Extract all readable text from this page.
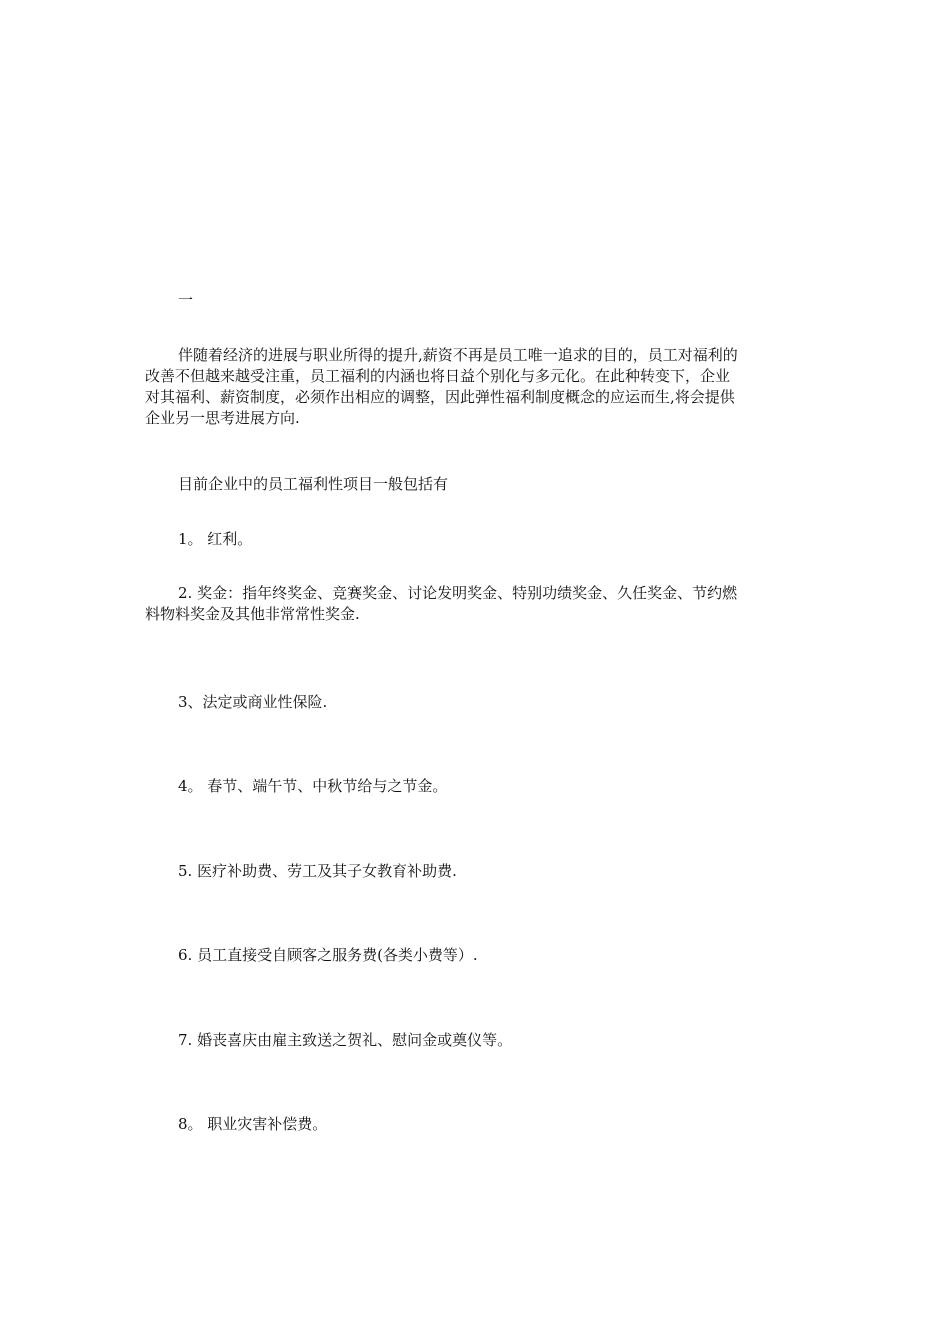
一
伴随着经济的进展与职业所得的提升,薪资不再是员工唯一追求的目的，员工对福利的
改善不但越来越受注重，员工福利的内涵也将日益个别化与多元化。在此种转变下，企业
对其福利、薪资制度，必须作出相应的调整，因此弹性福利制度概念的应运而生,将会提供
企业另一思考进展方向.
目前企业中的员工福利性项目一般包括有
1。 红利。
2. 奖金：指年终奖金、竞赛奖金、讨论发明奖金、特别功绩奖金、久任奖金、节约燃
料物料奖金及其他非常常性奖金.
3、法定或商业性保险.
4。 春节、端午节、中秋节给与之节金。
5. 医疗补助费、劳工及其子女教育补助费.
6. 员工直接受自顾客之服务费(各类小费等）.
7. 婚丧喜庆由雇主致送之贺礼、慰问金或奠仪等。
8。 职业灾害补偿费。
